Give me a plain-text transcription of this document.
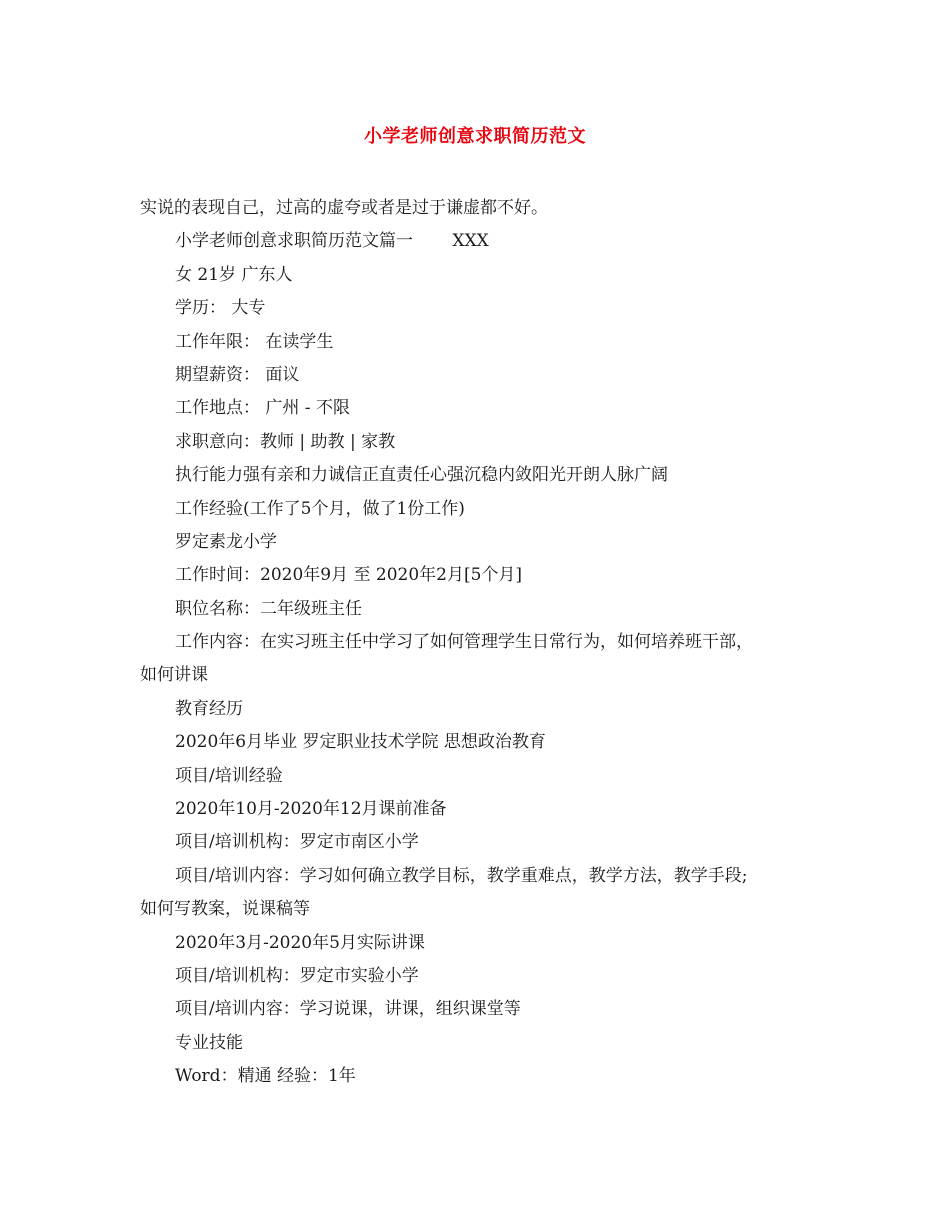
小学老师创意求职简历范文
实说的表现自己，过高的虚夸或者是过于谦虚都不好。
小学老师创意求职简历范文篇一　　 XXX
女 21岁 广东人
学历： 大专
工作年限： 在读学生
期望薪资： 面议
工作地点： 广州 - 不限
求职意向：教师 | 助教 | 家教
执行能力强有亲和力诚信正直责任心强沉稳内敛阳光开朗人脉广阔
工作经验(工作了5个月，做了1份工作)
罗定素龙小学
工作时间：2020年9月 至 2020年2月[5个月]
职位名称：二年级班主任
工作内容：在实习班主任中学习了如何管理学生日常行为，如何培养班干部，
如何讲课
教育经历
2020年6月毕业 罗定职业技术学院 思想政治教育
项目/培训经验
2020年10月-2020年12月课前准备
项目/培训机构：罗定市南区小学
项目/培训内容：学习如何确立教学目标，教学重难点，教学方法，教学手段;
如何写教案，说课稿等
2020年3月-2020年5月实际讲课
项目/培训机构：罗定市实验小学
项目/培训内容：学习说课，讲课，组织课堂等
专业技能
Word：精通 经验：1年
